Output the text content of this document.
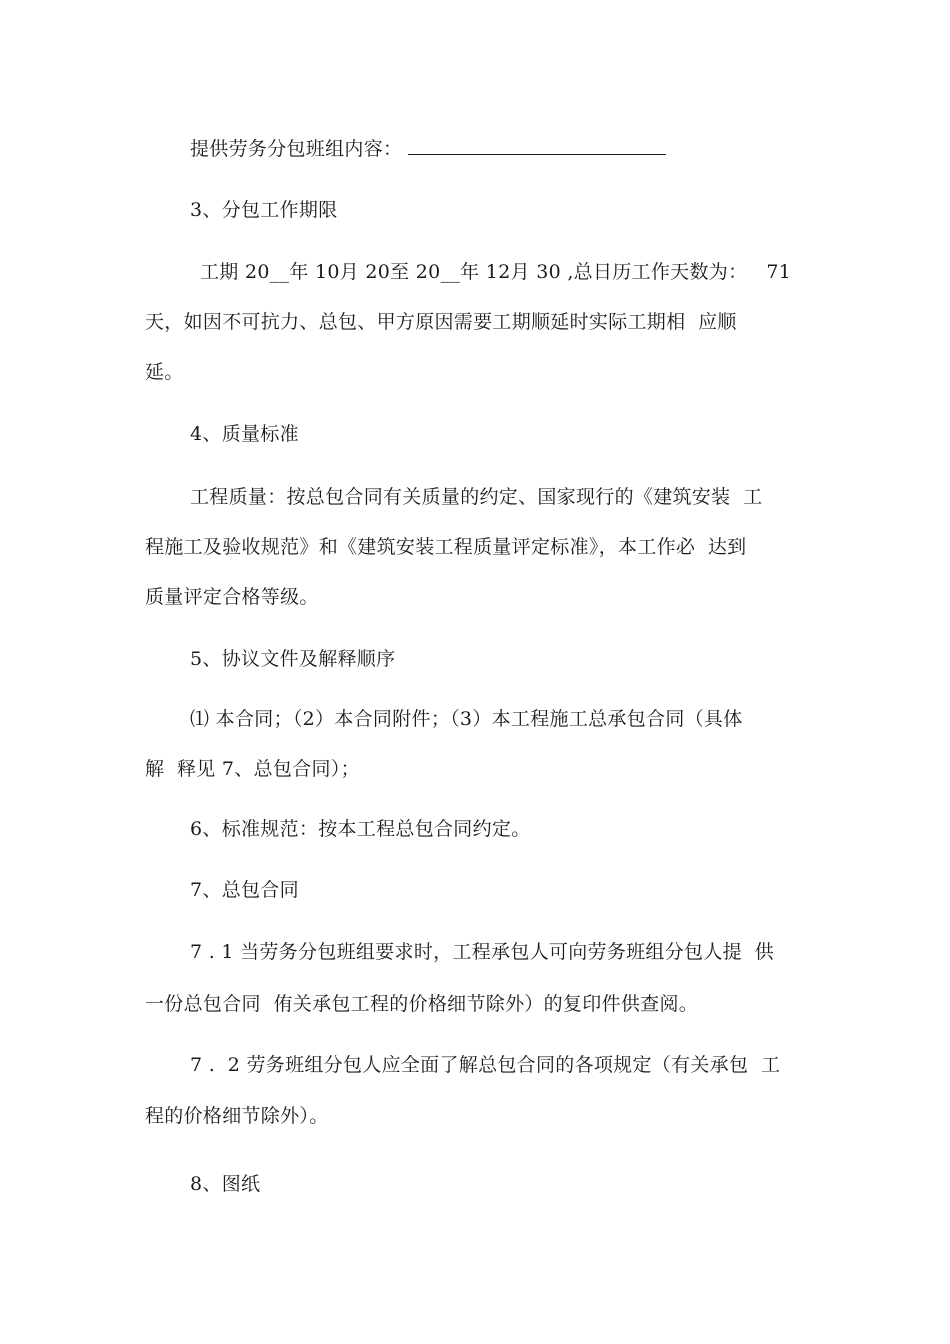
提供劳务分包班组内容：
3、分包工作期限
工期 20__年 10月 20至 20__年 12月 30 ,总日历工作天数为：   71
天，如因不可抗力、总包、甲方原因需要工期顺延时实际工期相  应顺
延。
4、质量标准
工程质量：按总包合同有关质量的约定、国家现行的《建筑安装  工
程施工及验收规范》和《建筑安装工程质量评定标准》，本工作必  达到
质量评定合格等级。
5、协议文件及解释顺序
⑴ 本合同；（2）本合同附件；（3）本工程施工总承包合同（具体
解  释见 7、总包合同）；
6、标准规范：按本工程总包合同约定。
7、总包合同
7 . 1 当劳务分包班组要求时，工程承包人可向劳务班组分包人提  供
一份总包合同  侑关承包工程的价格细节除外）的复印件供查阅。
7 .  2 劳务班组分包人应全面了解总包合同的各项规定（有关承包  工
程的价格细节除外）。
8、图纸
